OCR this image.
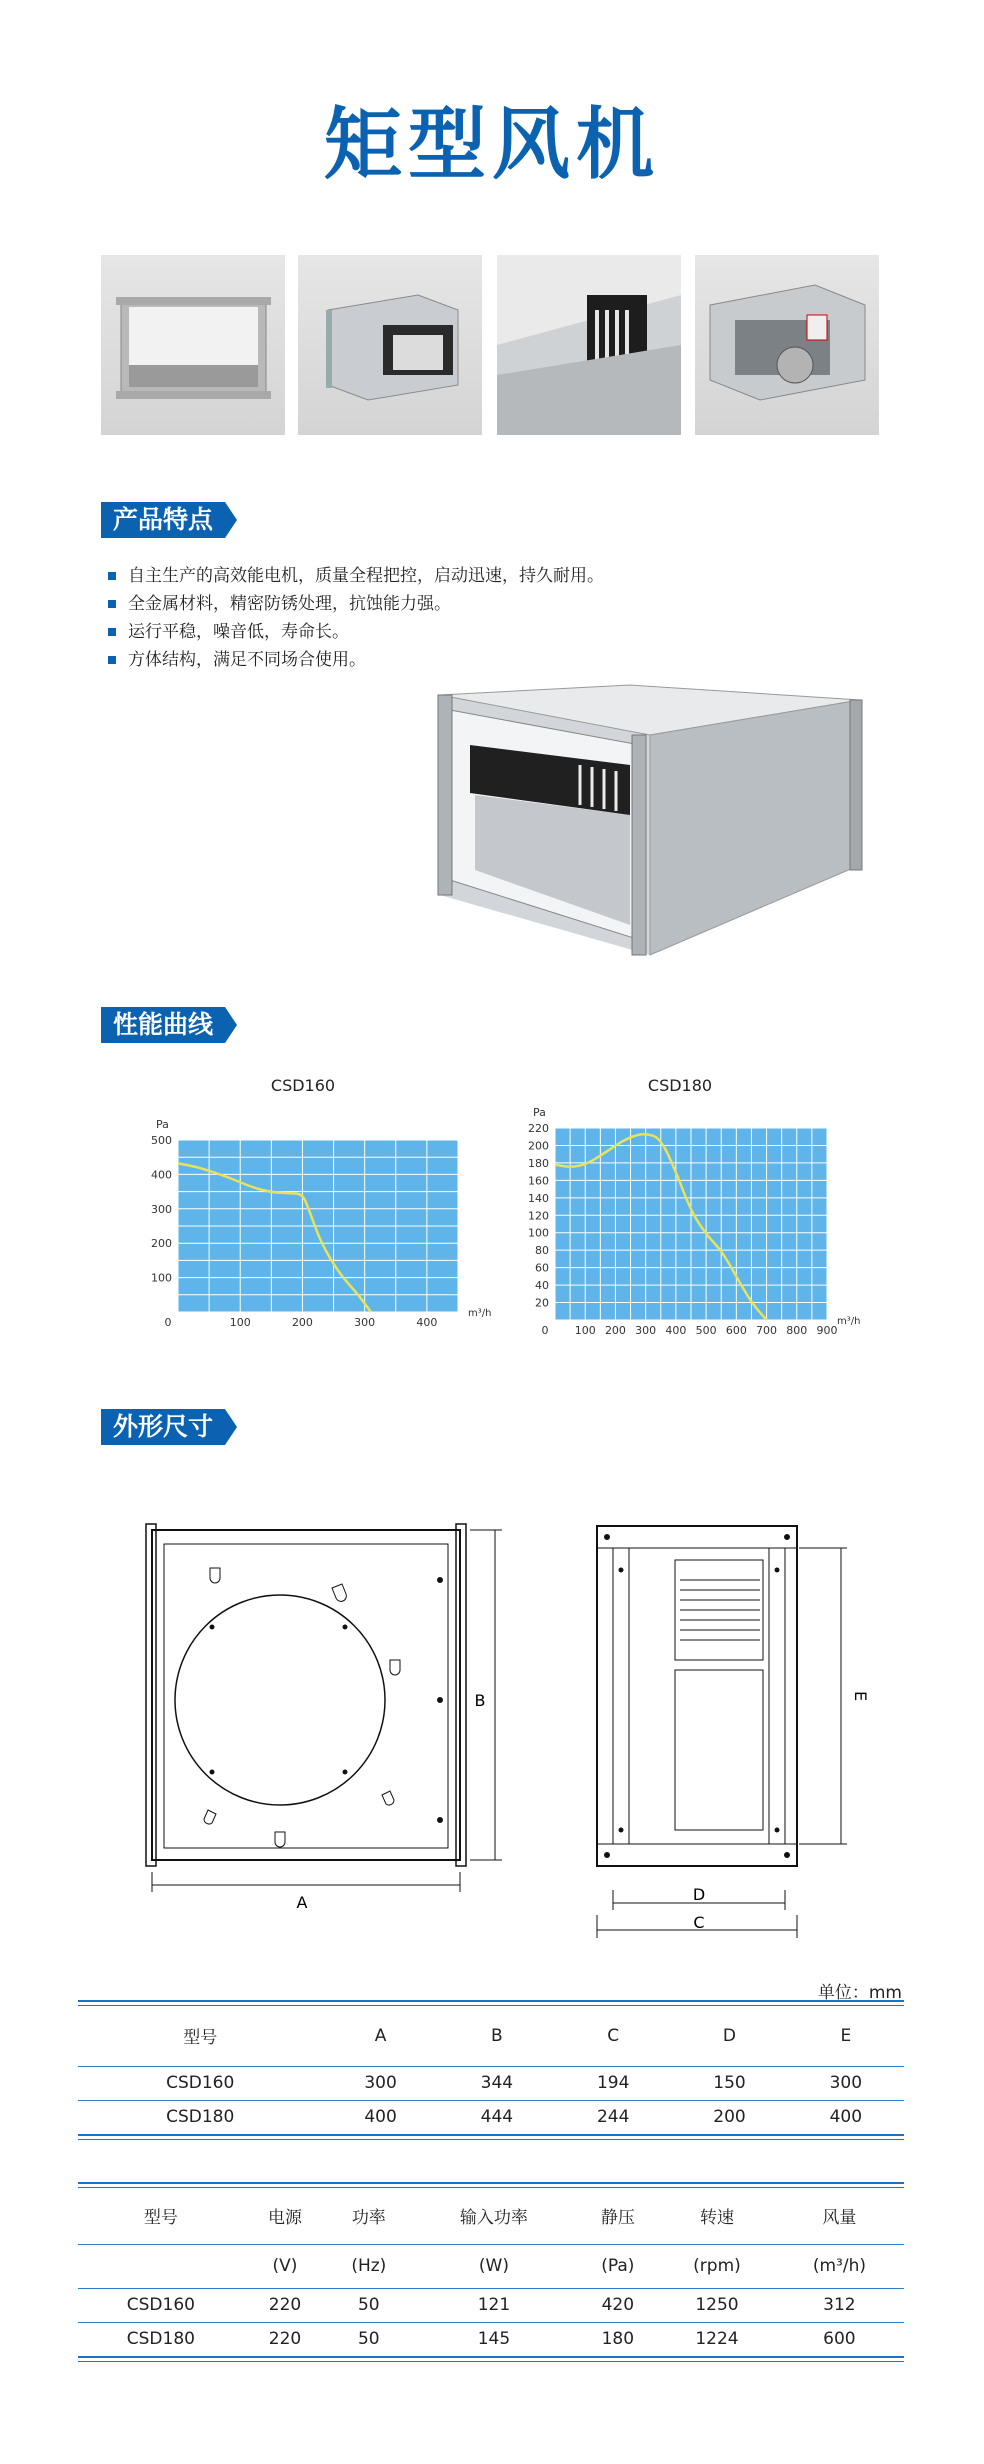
矩型风机
产品特点
自主生产的高效能电机，质量全程把控，启动迅速，持久耐用。
全金属材料，精密防锈处理，抗蚀能力强。
运行平稳，噪音低，寿命长。
方体结构，满足不同场合使用。
性能曲线
CSD160
0	100	200	300	400
100
200
300
400
500
Pa
m³/h
CSD180
0 100 200 300 400 500 600 700 800 900
20
40
60
80
100
120
140
160
180
200
220
Pa
m³/h
外形尺寸
A
B
D
C
E
单位：mm
型号	A	B	C	D	E
CSD160	300	344	194	150	300
CSD180	400	444	244	200	400
型号	电源	功率	输入功率	静压	转速	风量
	(V)	(Hz)	(W)	(Pa)	(rpm)	(m³/h)
CSD160	220	50	121	420	1250	312
CSD180	220	50	145	180	1224	600
